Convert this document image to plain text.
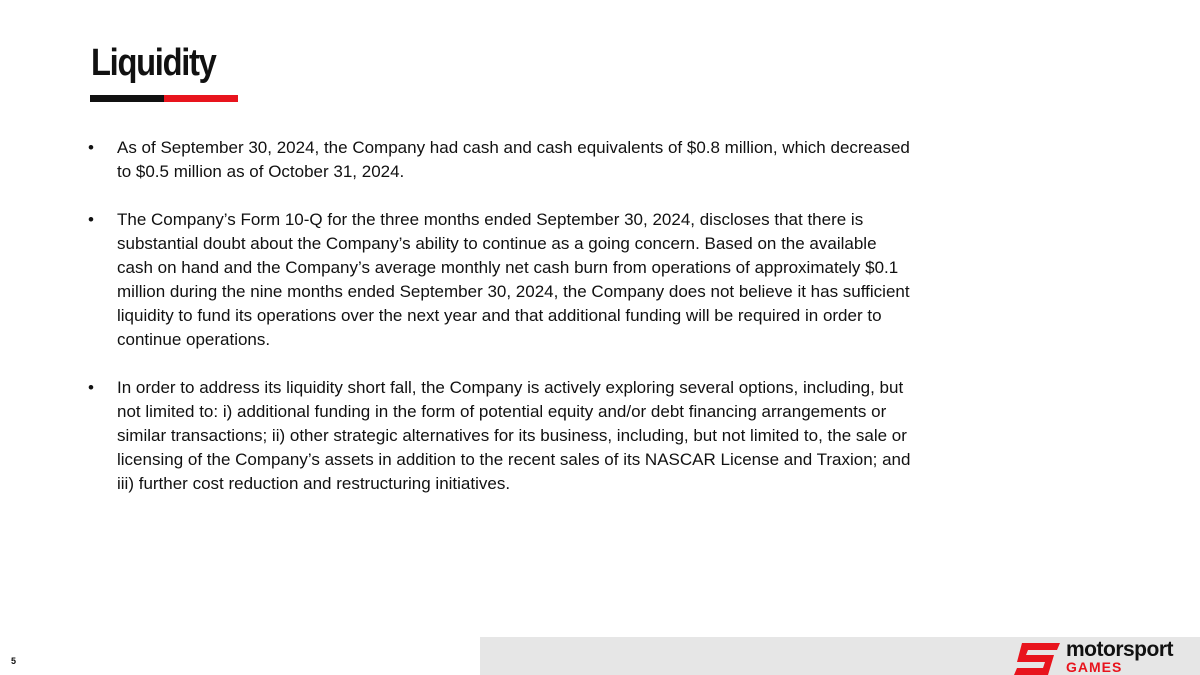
Liquidity
• As of September 30, 2024, the Company had cash and cash equivalents of $0.8 million, which decreased to $0.5 million as of October 31, 2024.
• The Company’s Form 10-Q for the three months ended September 30, 2024, discloses that there is substantial doubt about the Company’s ability to continue as a going concern. Based on the available cash on hand and the Company’s average monthly net cash burn from operations of approximately $0.1 million during the nine months ended September 30, 2024, the Company does not believe it has sufficient liquidity to fund its operations over the next year and that additional funding will be required in order to continue operations.
• In order to address its liquidity short fall, the Company is actively exploring several options, including, but not limited to: i) additional funding in the form of potential equity and/or debt financing arrangements or similar transactions; ii) other strategic alternatives for its business, including, but not limited to, the sale or licensing of the Company’s assets in addition to the recent sales of its NASCAR License and Traxion; and iii) further cost reduction and restructuring initiatives.
5	motorsport
GAMES
